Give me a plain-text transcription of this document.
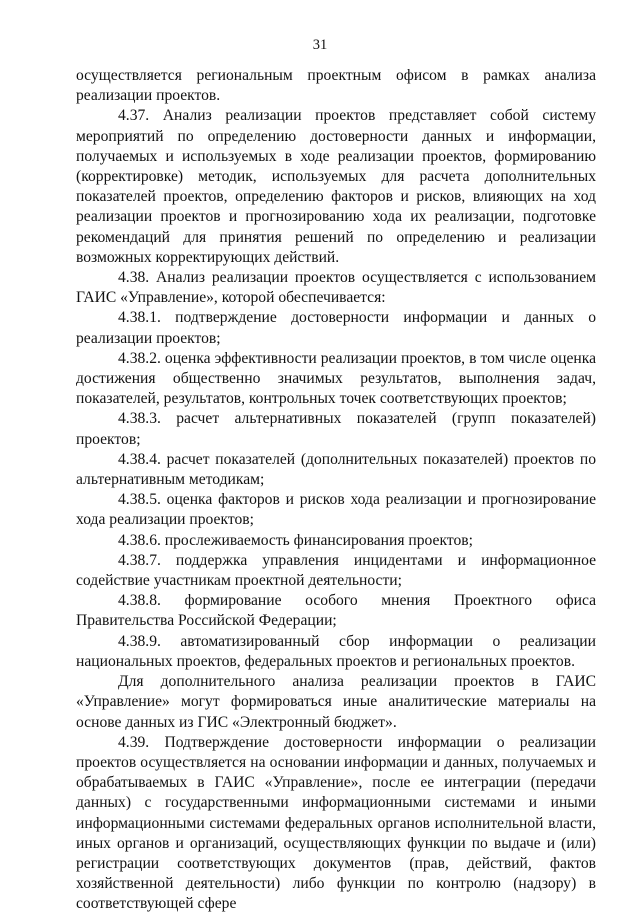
31

осуществляется региональным проектным офисом в рамках анализа реализации проектов.

4.37. Анализ реализации проектов представляет собой систему мероприятий по определению достоверности данных и информации, получаемых и используемых в ходе реализации проектов, формированию (корректировке) методик, используемых для расчета дополнительных показателей проектов, определению факторов и рисков, влияющих на ход реализации проектов и прогнозированию хода их реализации, подготовке рекомендаций для принятия решений по определению и реализации возможных корректирующих действий.

4.38. Анализ реализации проектов осуществляется с использованием ГАИС «Управление», которой обеспечивается:

4.38.1. подтверждение достоверности информации и данных о реализации проектов;

4.38.2. оценка эффективности реализации проектов, в том числе оценка достижения общественно значимых результатов, выполнения задач, показателей, результатов, контрольных точек соответствующих проектов;

4.38.3. расчет альтернативных показателей (групп показателей) проектов;

4.38.4. расчет показателей (дополнительных показателей) проектов по альтернативным методикам;

4.38.5. оценка факторов и рисков хода реализации и прогнозирование хода реализации проектов;

4.38.6. прослеживаемость финансирования проектов;

4.38.7. поддержка управления инцидентами и информационное содействие участникам проектной деятельности;

4.38.8. формирование особого мнения Проектного офиса Правительства Российской Федерации;

4.38.9. автоматизированный сбор информации о реализации национальных проектов, федеральных проектов и региональных проектов.

Для дополнительного анализа реализации проектов в ГАИС «Управление» могут формироваться иные аналитические материалы на основе данных из ГИС «Электронный бюджет».

4.39. Подтверждение достоверности информации о реализации проектов осуществляется на основании информации и данных, получаемых и обрабатываемых в ГАИС «Управление», после ее интеграции (передачи данных) с государственными информационными системами и иными информационными системами федеральных органов исполнительной власти, иных органов и организаций, осуществляющих функции по выдаче и (или) регистрации соответствующих документов (прав, действий, фактов хозяйственной деятельности) либо функции по контролю (надзору) в соответствующей сфере
